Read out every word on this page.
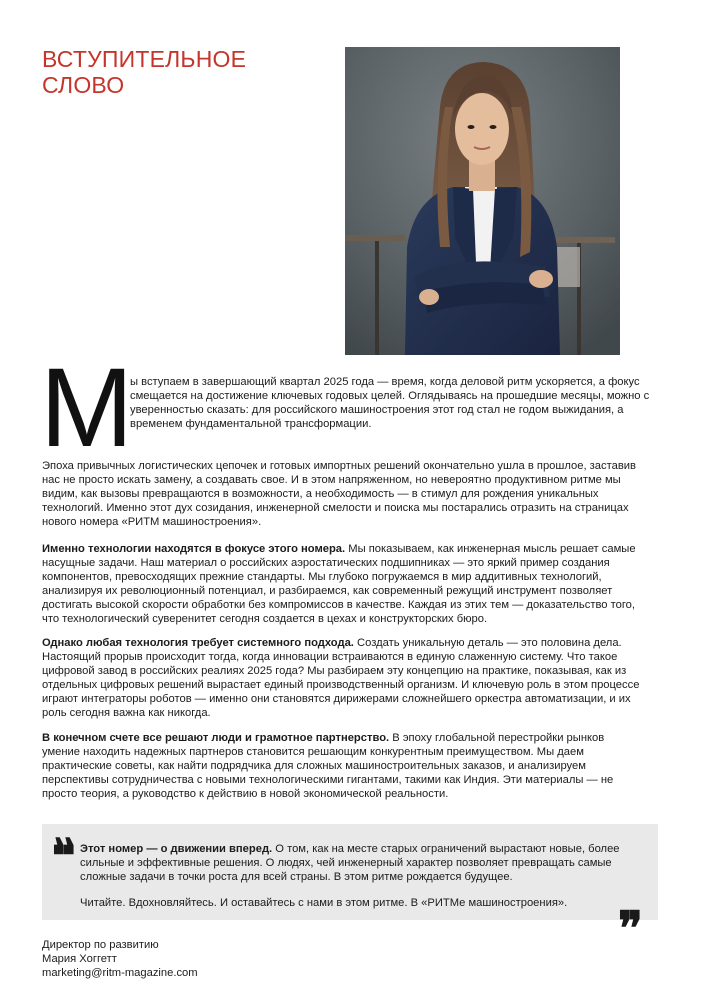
ВСТУПИТЕЛЬНОЕ
СЛОВО
М

ы вступаем в завершающий квартал 2025 года — время, когда деловой ритм ускоряется, а фокус смещается на достижение ключевых годовых целей. Оглядываясь на прошедшие месяцы, можно с уверенностью сказать: для российского машиностроения этот год стал не годом выжидания, а временем фундаментальной трансформации.

Эпоха привычных логистических цепочек и готовых импортных решений окончательно ушла в прошлое, заставив нас не просто искать замену, а создавать свое. И в этом напряженном, но невероятно продуктивном ритме мы видим, как вызовы превращаются в возможности, а необходимость — в стимул для рождения уникальных технологий. Именно этот дух созидания, инженерной смелости и поиска мы постарались отразить на страницах нового номера «РИТМ машиностроения».

Именно технологии находятся в фокусе этого номера. Мы показываем, как инженерная мысль решает самые насущные задачи. Наш материал о российских аэростатических подшипниках — это яркий пример создания компонентов, превосходящих прежние стандарты. Мы глубоко погружаемся в мир аддитивных технологий, анализируя их революционный потенциал, и разбираемся, как современный режущий инструмент позволяет достигать высокой скорости обработки без компромиссов в качестве. Каждая из этих тем — доказательство того, что технологический суверенитет сегодня создается в цехах и конструкторских бюро.

Однако любая технология требует системного подхода. Создать уникальную деталь — это половина дела. Настоящий прорыв происходит тогда, когда инновации встраиваются в единую слаженную систему. Что такое цифровой завод в российских реалиях 2025 года? Мы разбираем эту концепцию на практике, показывая, как из отдельных цифровых решений вырастает единый производственный организм. И ключевую роль в этом процессе играют интеграторы роботов — именно они становятся дирижерами сложнейшего оркестра автоматизации, и их роль сегодня важна как никогда.

В конечном счете все решают люди и грамотное партнерство. В эпоху глобальной перестройки рынков умение находить надежных партнеров становится решающим конкурентным преимуществом. Мы даем практические советы, как найти подрядчика для сложных машиностроительных заказов, и анализируем перспективы сотрудничества с новыми технологическими гигантами, такими как Индия. Эти материалы — не просто теория, а руководство к действию в новой экономической реальности.

❞ Этот номер — о движении вперед. О том, как на месте старых ограничений вырастают новые, более сильные и эффективные решения. О людях, чей инженерный характер позволяет превращать самые сложные задачи в точки роста для всей страны. В этом ритме рождается будущее.

Читайте. Вдохновляйтесь. И оставайтесь с нами в этом ритме. В «РИТМе машиностроения».	❞
Директор по развитию
Мария Хоггетт
marketing@ritm-magazine.com
